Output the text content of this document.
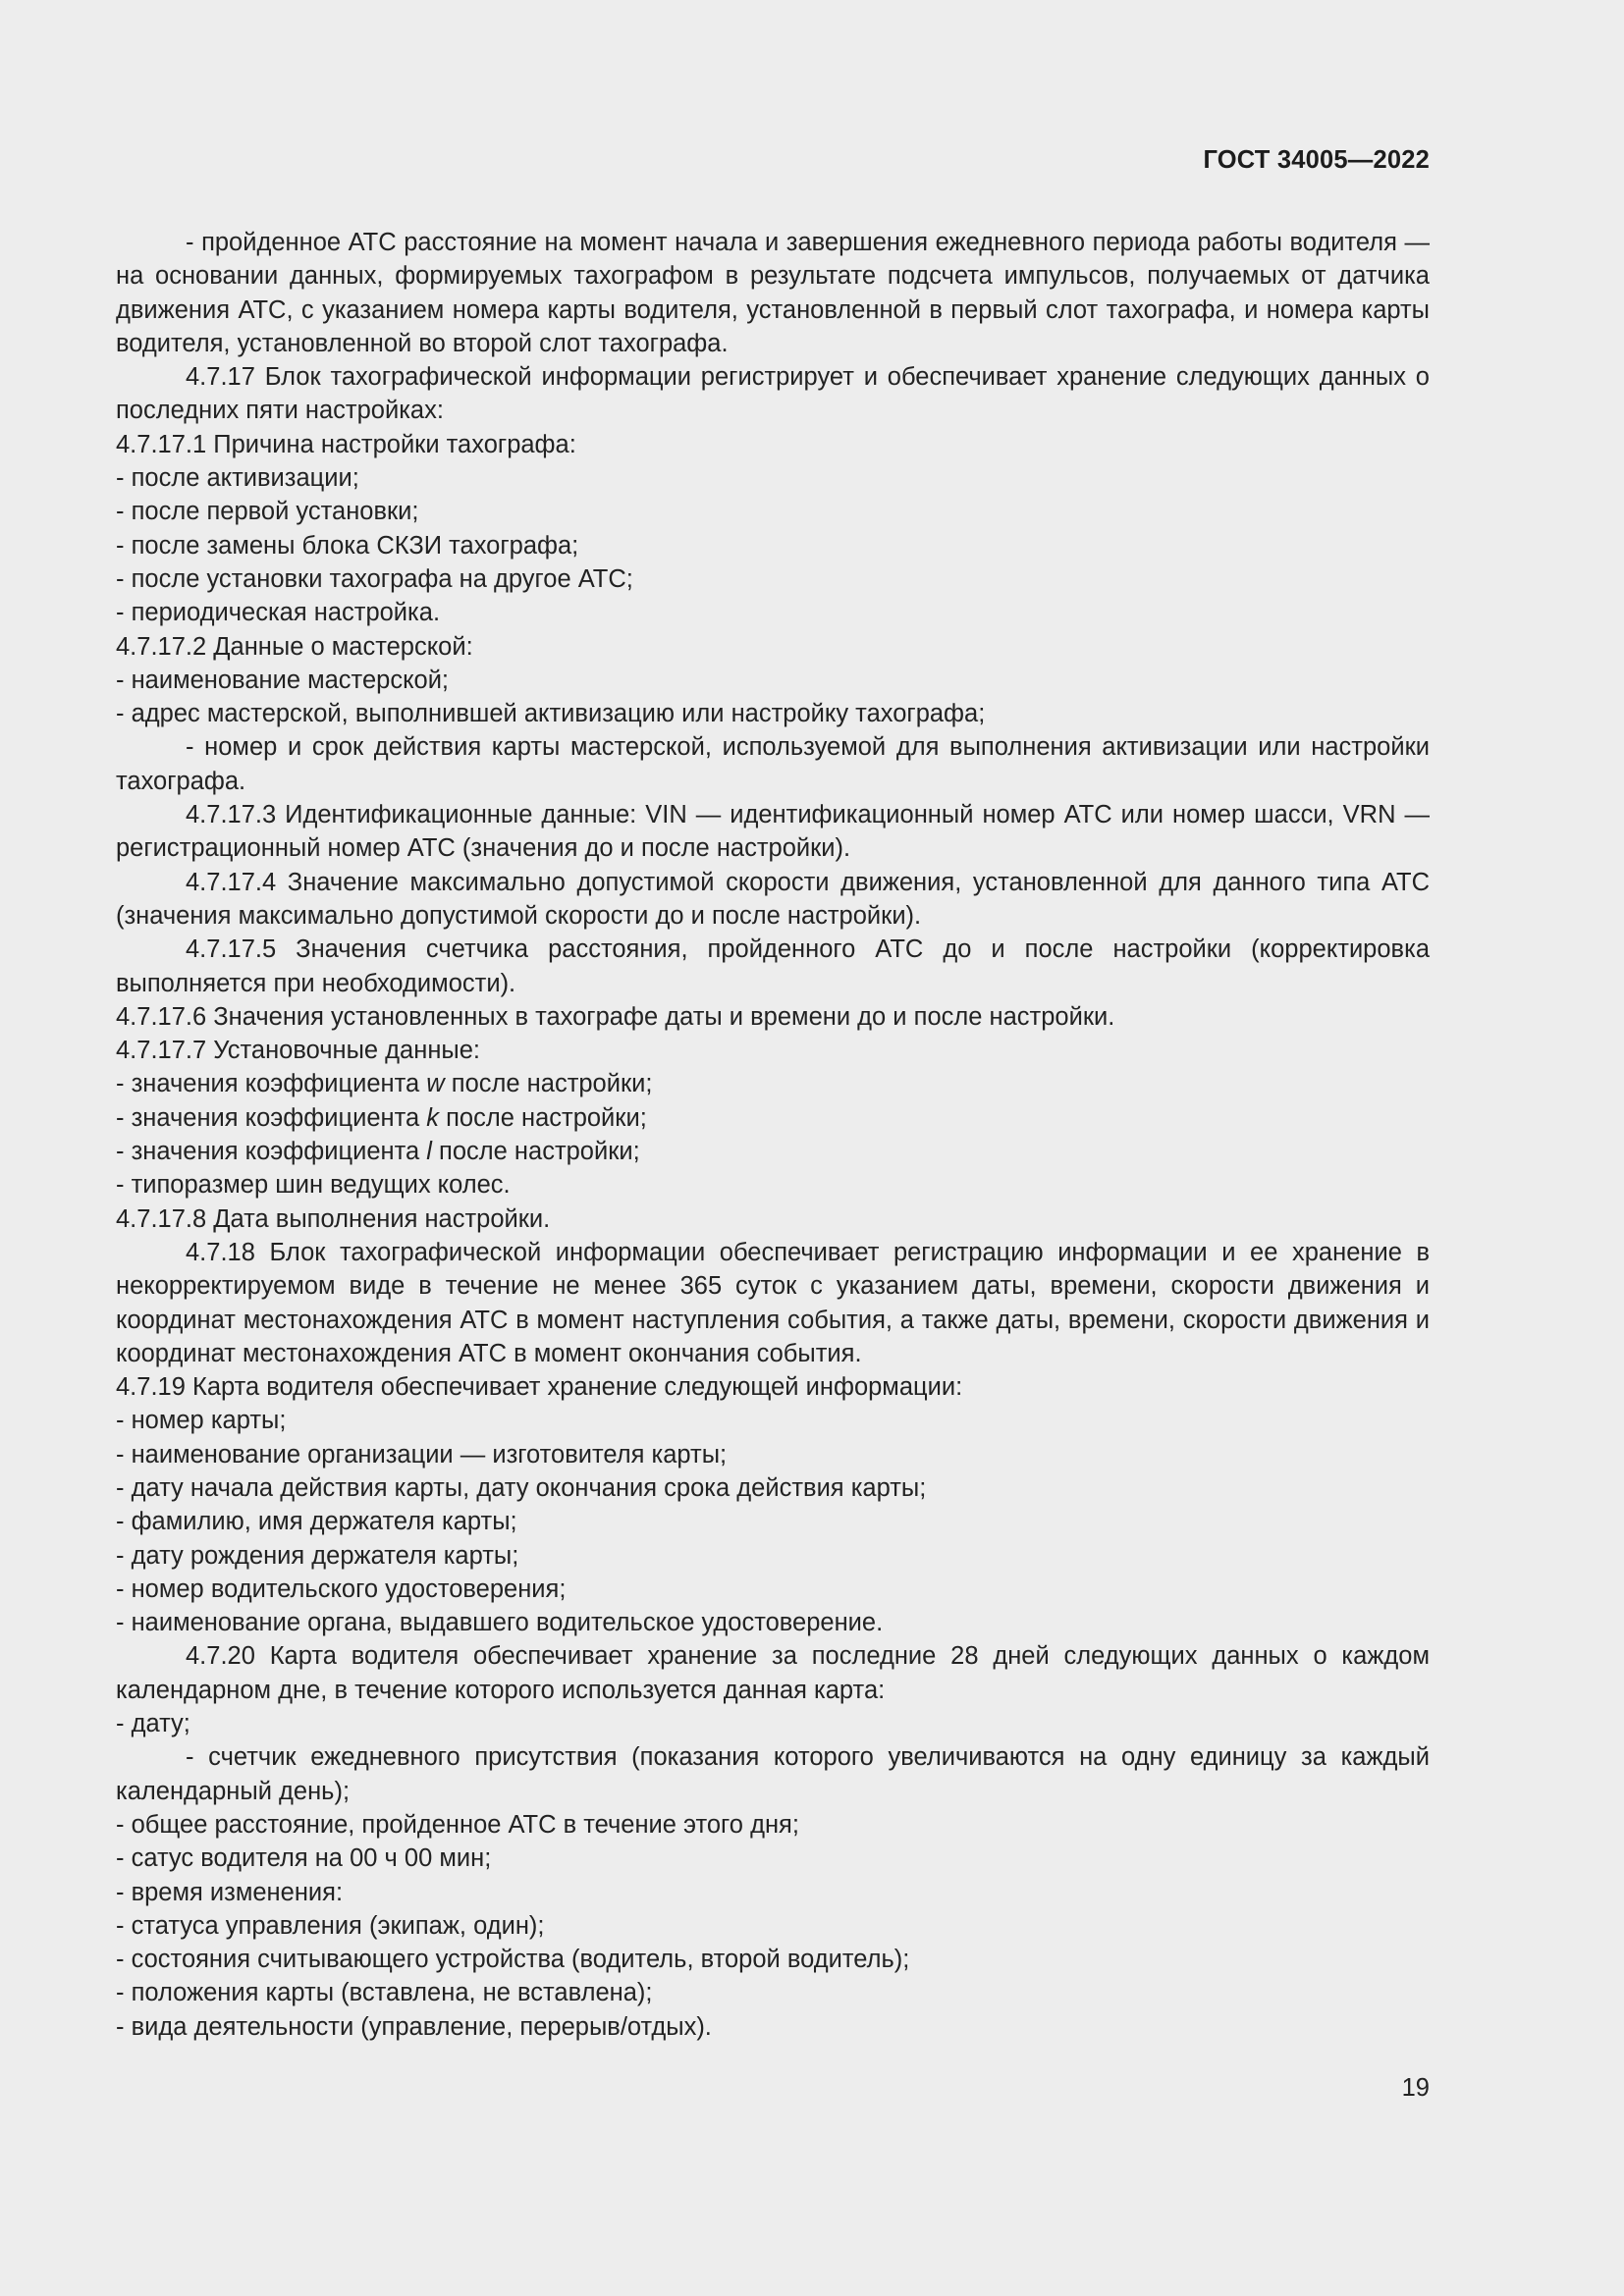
ГОСТ 34005—2022

- пройденное АТС расстояние на момент начала и завершения ежедневного периода работы водителя — на основании данных, формируемых тахографом в результате подсчета импульсов, получаемых от датчика движения АТС, с указанием номера карты водителя, установленной в первый слот тахографа, и номера карты водителя, установленной во второй слот тахографа.

4.7.17 Блок тахографической информации регистрирует и обеспечивает хранение следующих данных о последних пяти настройках:

4.7.17.1 Причина настройки тахографа:

- после активизации;

- после первой установки;

- после замены блока СКЗИ тахографа;

- после установки тахографа на другое АТС;

- периодическая настройка.

4.7.17.2 Данные о мастерской:

- наименование мастерской;

- адрес мастерской, выполнившей активизацию или настройку тахографа;

- номер и срок действия карты мастерской, используемой для выполнения активизации или настройки тахографа.

4.7.17.3 Идентификационные данные: VIN — идентификационный номер АТС или номер шасси, VRN — регистрационный номер АТС (значения до и после настройки).

4.7.17.4 Значение максимально допустимой скорости движения, установленной для данного типа АТС (значения максимально допустимой скорости до и после настройки).

4.7.17.5 Значения счетчика расстояния, пройденного АТС до и после настройки (корректировка выполняется при необходимости).

4.7.17.6 Значения установленных в тахографе даты и времени до и после настройки.

4.7.17.7 Установочные данные:

- значения коэффициента w после настройки;

- значения коэффициента k после настройки;

- значения коэффициента l после настройки;

- типоразмер шин ведущих колес.

4.7.17.8 Дата выполнения настройки.

4.7.18 Блок тахографической информации обеспечивает регистрацию информации и ее хранение в некорректируемом виде в течение не менее 365 суток с указанием даты, времени, скорости движения и координат местонахождения АТС в момент наступления события, а также даты, времени, скорости движения и координат местонахождения АТС в момент окончания события.

4.7.19 Карта водителя обеспечивает хранение следующей информации:

- номер карты;

- наименование организации — изготовителя карты;

- дату начала действия карты, дату окончания срока действия карты;

- фамилию, имя держателя карты;

- дату рождения держателя карты;

- номер водительского удостоверения;

- наименование органа, выдавшего водительское удостоверение.

4.7.20 Карта водителя обеспечивает хранение за последние 28 дней следующих данных о каждом календарном дне, в течение которого используется данная карта:

- дату;

- счетчик ежедневного присутствия (показания которого увеличиваются на одну единицу за каждый календарный день);

- общее расстояние, пройденное АТС в течение этого дня;

- сатус водителя на 00 ч 00 мин;

- время изменения:

- статуса управления (экипаж, один);

- состояния считывающего устройства (водитель, второй водитель);

- положения карты (вставлена, не вставлена);

- вида деятельности (управление, перерыв/отдых).

19
